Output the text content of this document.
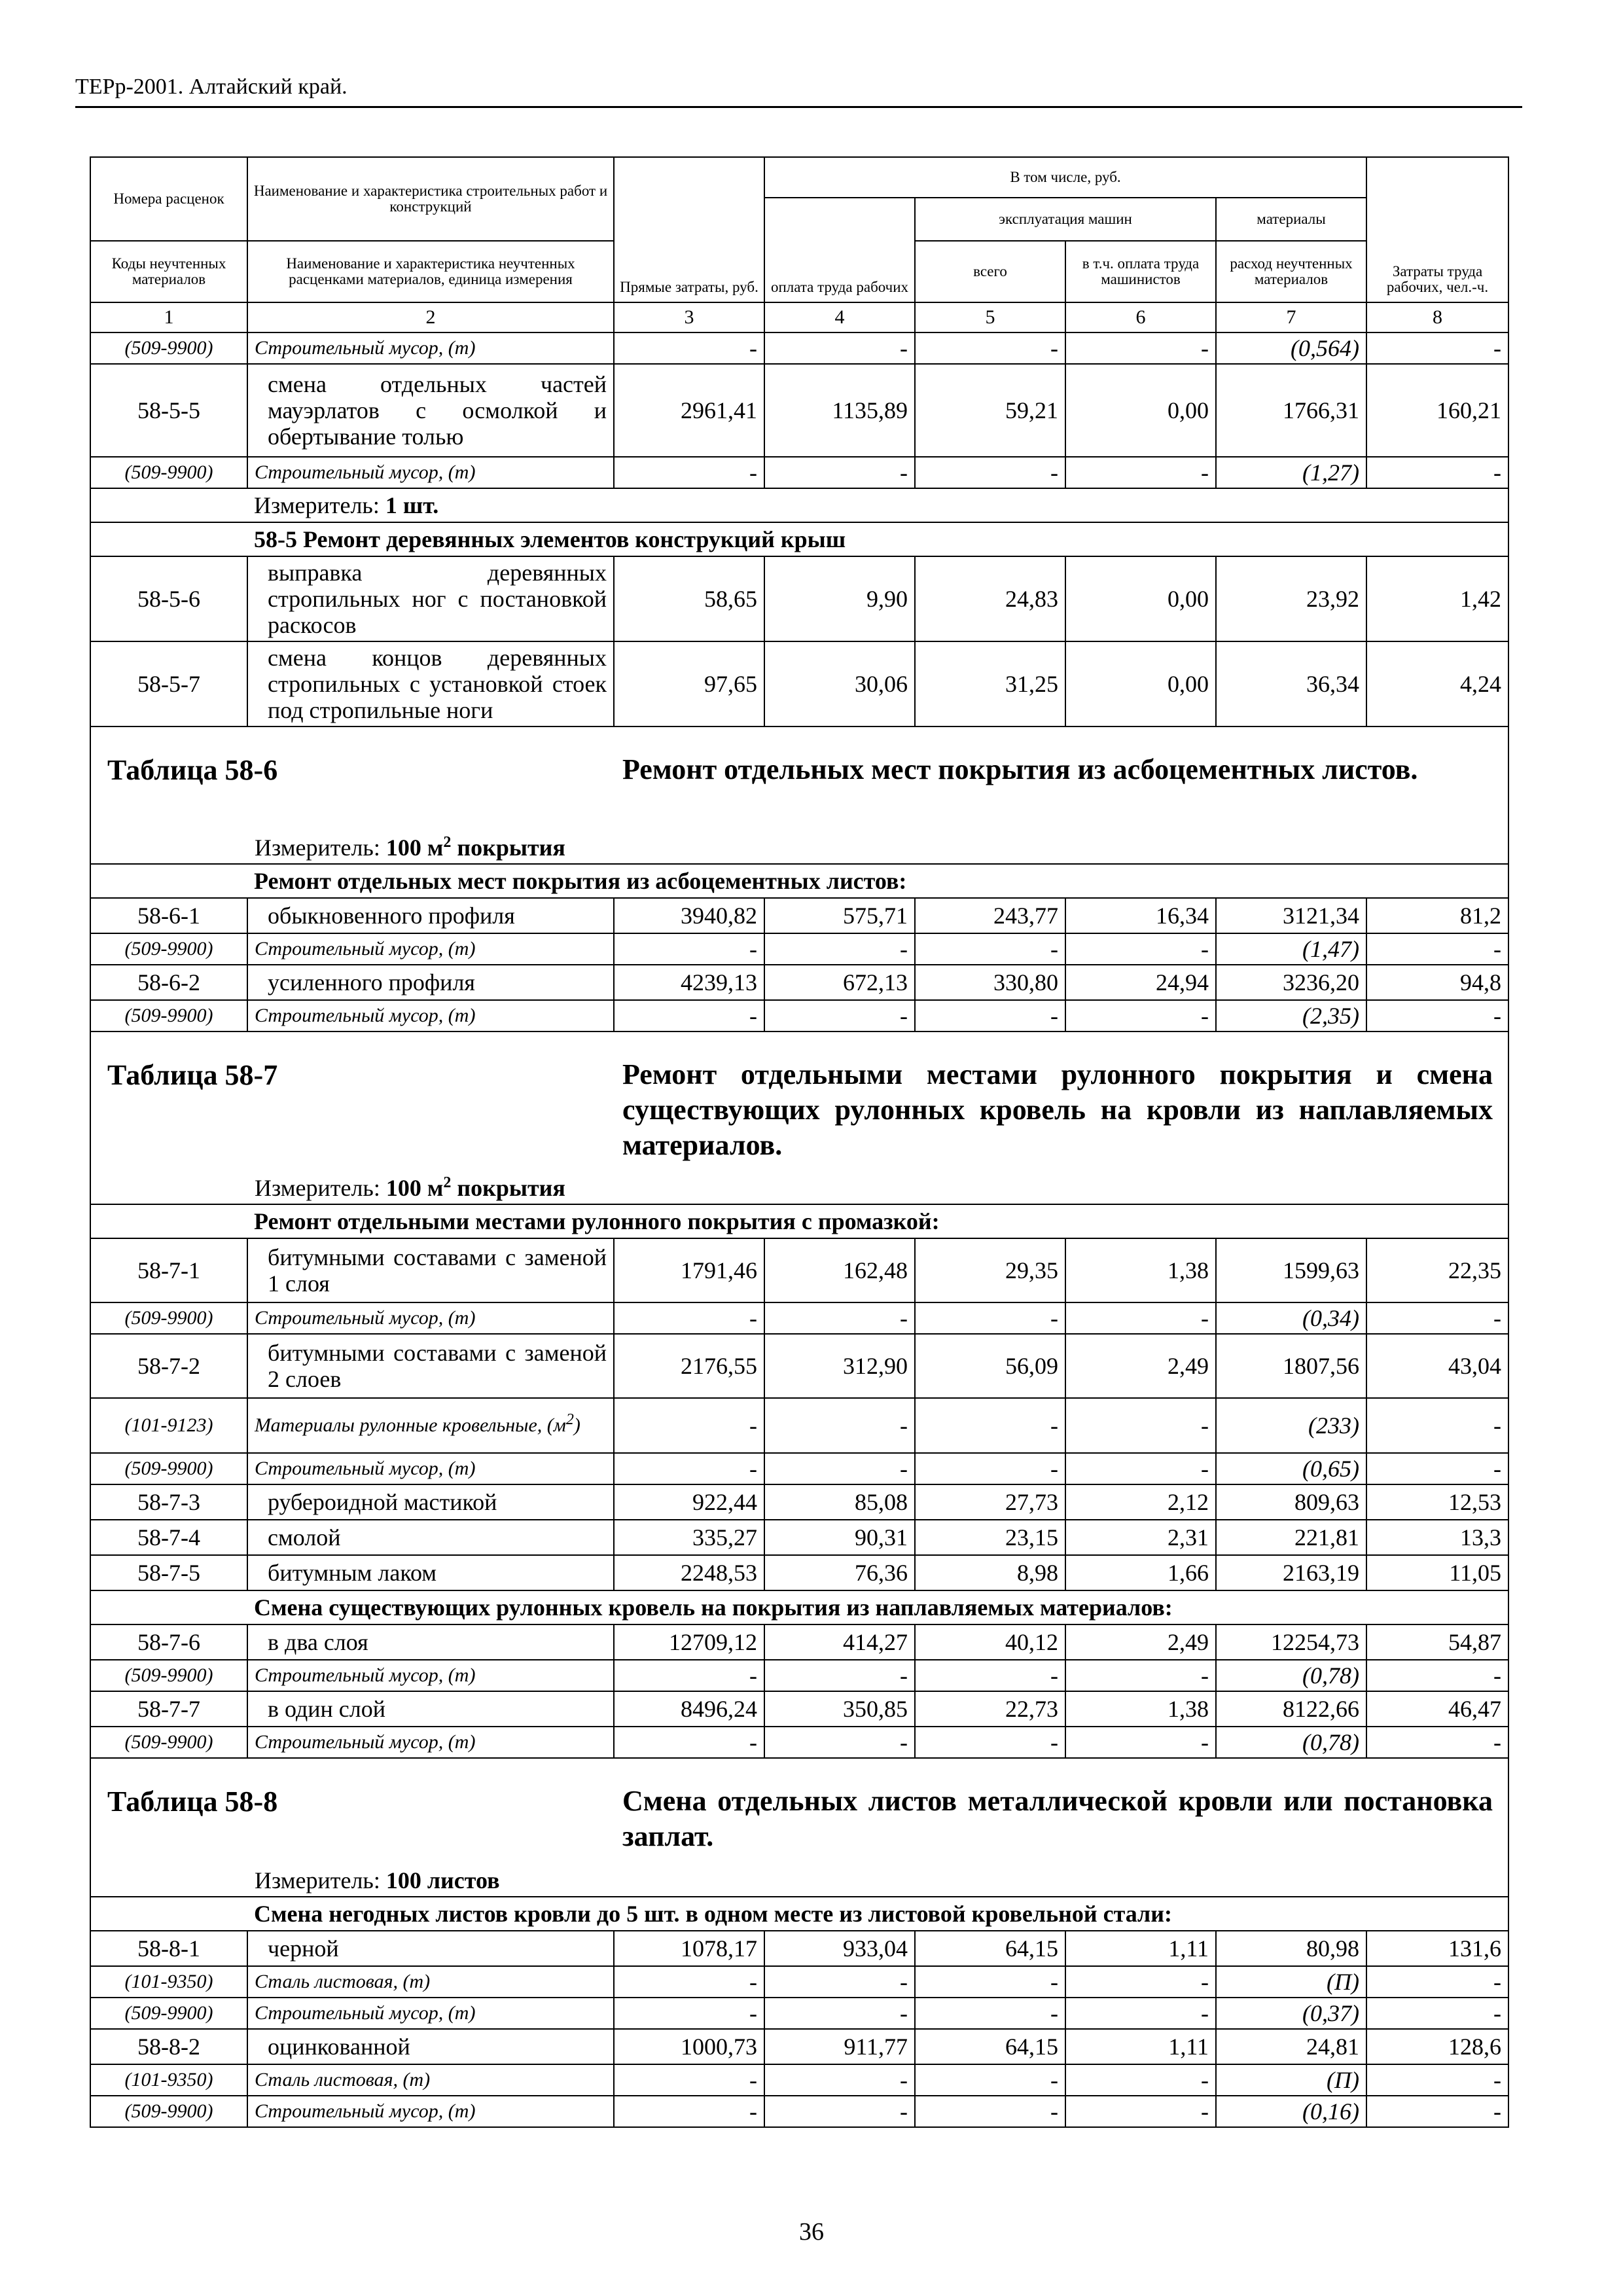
ТЕРр-2001. Алтайский край.
Номера расценок	Наименование и характеристика строительных работ и конструкций	Прямые затраты, руб.	В том числе, руб.				Затраты труда рабочих, чел.-ч.
			оплата труда рабочих	эксплуатация машин		материалы	
Коды неучтенных материалов	Наименование и характеристика неучтенных расценками материалов, единица измерения			всего	в т.ч. оплата труда машинистов	расход неучтенных материалов	
1	2	3	4	5	6	7	8
(509-9900)	Строительный мусор, (т)	-	-	-	-	(0,564)	-
58-5-5	смена отдельных частей мауэрлатов с осмолкой и обертывание толью	2961,41	1135,89	59,21	0,00	1766,31	160,21
(509-9900)	Строительный мусор, (т)	-	-	-	-	(1,27)	-
	Измеритель: 1 шт.						
	58-5 Ремонт деревянных элементов конструкций крыш						
58-5-6	выправка деревянных стропильных ног с постановкой раскосов	58,65	9,90	24,83	0,00	23,92	1,42
58-5-7	смена концов деревянных стропильных с установкой стоек под стропильные ноги	97,65	30,06	31,25	0,00	36,34	4,24

Таблица 58-6 Ремонт отдельных мест покрытия из асбоцементных листов.
Измеритель: 100 $м^2$ покрытия							

	Ремонт отдельных мест покрытия из асбоцементных листов:						
58-6-1	обыкновенного профиля	3940,82	575,71	243,77	16,34	3121,34	81,2
(509-9900)	Строительный мусор, (т)	-	-	-	-	(1,47)	-
58-6-2	усиленного профиля	4239,13	672,13	330,80	24,94	3236,20	94,8
(509-9900)	Строительный мусор, (т)	-	-	-	-	(2,35)	-

Таблица 58-7 Ремонт отдельными местами рулонного покрытия и смена существующих рулонных кровель на кровли из наплавляемых материалов.
Измеритель: 100 $м^2$ покрытия							

	Ремонт отдельными местами рулонного покрытия с промазкой:						
58-7-1	битумными составами с заменой 1 слоя	1791,46	162,48	29,35	1,38	1599,63	22,35
(509-9900)	Строительный мусор, (т)	-	-	-	-	(0,34)	-
58-7-2	битумными составами с заменой 2 слоев	2176,55	312,90	56,09	2,49	1807,56	43,04
(101-9123)	Материалы рулонные кровельные, $(м^2)$	-	-	-	-	(233)	-
(509-9900)	Строительный мусор, (т)	-	-	-	-	(0,65)	-
58-7-3	рубероидной мастикой	922,44	85,08	27,73	2,12	809,63	12,53
58-7-4	смолой	335,27	90,31	23,15	2,31	221,81	13,3
58-7-5	битумным лаком	2248,53	76,36	8,98	1,66	2163,19	11,05
	Смена существующих рулонных кровель на покрытия из наплавляемых материалов:						
58-7-6	в два слоя	12709,12	414,27	40,12	2,49	12254,73	54,87
(509-9900)	Строительный мусор, (т)	-	-	-	-	(0,78)	-
58-7-7	в один слой	8496,24	350,85	22,73	1,38	8122,66	46,47
(509-9900)	Строительный мусор, (т)	-	-	-	-	(0,78)	-

Таблица 58-8 Смена отдельных листов металлической кровли или постановка заплат.
Измеритель: 100 листов							

	Смена негодных листов кровли до 5 шт. в одном месте из листовой кровельной стали:						
58-8-1	черной	1078,17	933,04	64,15	1,11	80,98	131,6
(101-9350)	Сталь листовая, (т)	-	-	-	-	(П)	-
(509-9900)	Строительный мусор, (т)	-	-	-	-	(0,37)	-
58-8-2	оцинкованной	1000,73	911,77	64,15	1,11	24,81	128,6
(101-9350)	Сталь листовая, (т)	-	-	-	-	(П)	-
(509-9900)	Строительный мусор, (т)	-	-	-	-	(0,16)	-
36
